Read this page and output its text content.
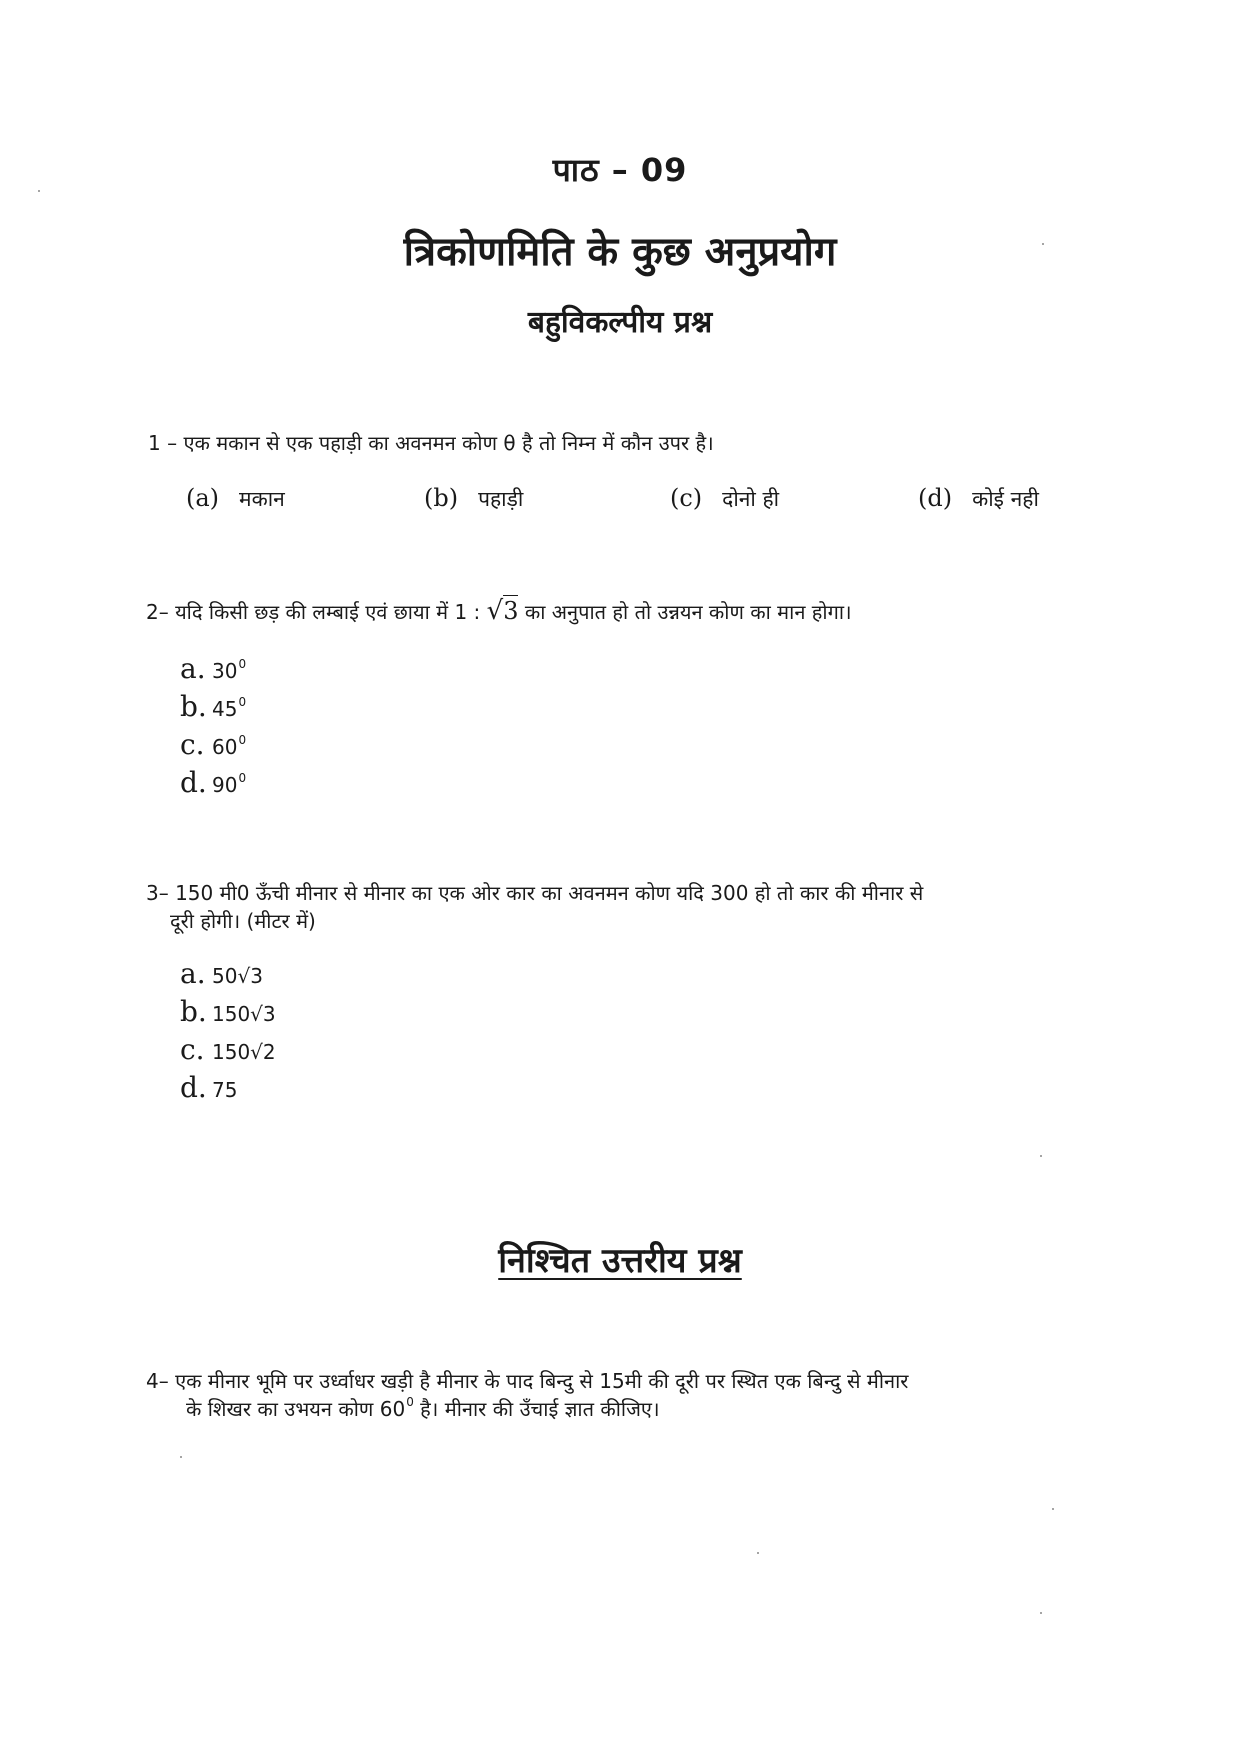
पाठ – 09
त्रिकोणमिति के कुछ अनुप्रयोग
बहुविकल्पीय प्रश्न
1 – एक मकान से एक पहाड़ी का अवनमन कोण θ है तो निम्न में कौन उपर है।
(a) मकान	(b) पहाड़ी	(c) दोनो ही	(d) कोई नही
2– यदि किसी छड़ की लम्बाई एवं छाया में 1 : √3 का अनुपात हो तो उन्नयन कोण का मान होगा।
a. $30^0$
b. $45^0$
c. $60^0$
d. $90^0$
3– 150 मी0 ऊँची मीनार से मीनार का एक ओर कार का अवनमन कोण यदि 300 हो तो कार की मीनार से
दूरी होगी। (मीटर में)
a. 50√3
b. 150√3
c. 150√2
d. 75
निश्चित उत्तरीय प्रश्न
4– एक मीनार भूमि पर उर्ध्वाधर खड़ी है मीनार के पाद बिन्दु से 15मी की दूरी पर स्थित एक बिन्दु से मीनार
के शिखर का उभयन कोण $60^0$ है। मीनार की उँचाई ज्ञात कीजिए।
